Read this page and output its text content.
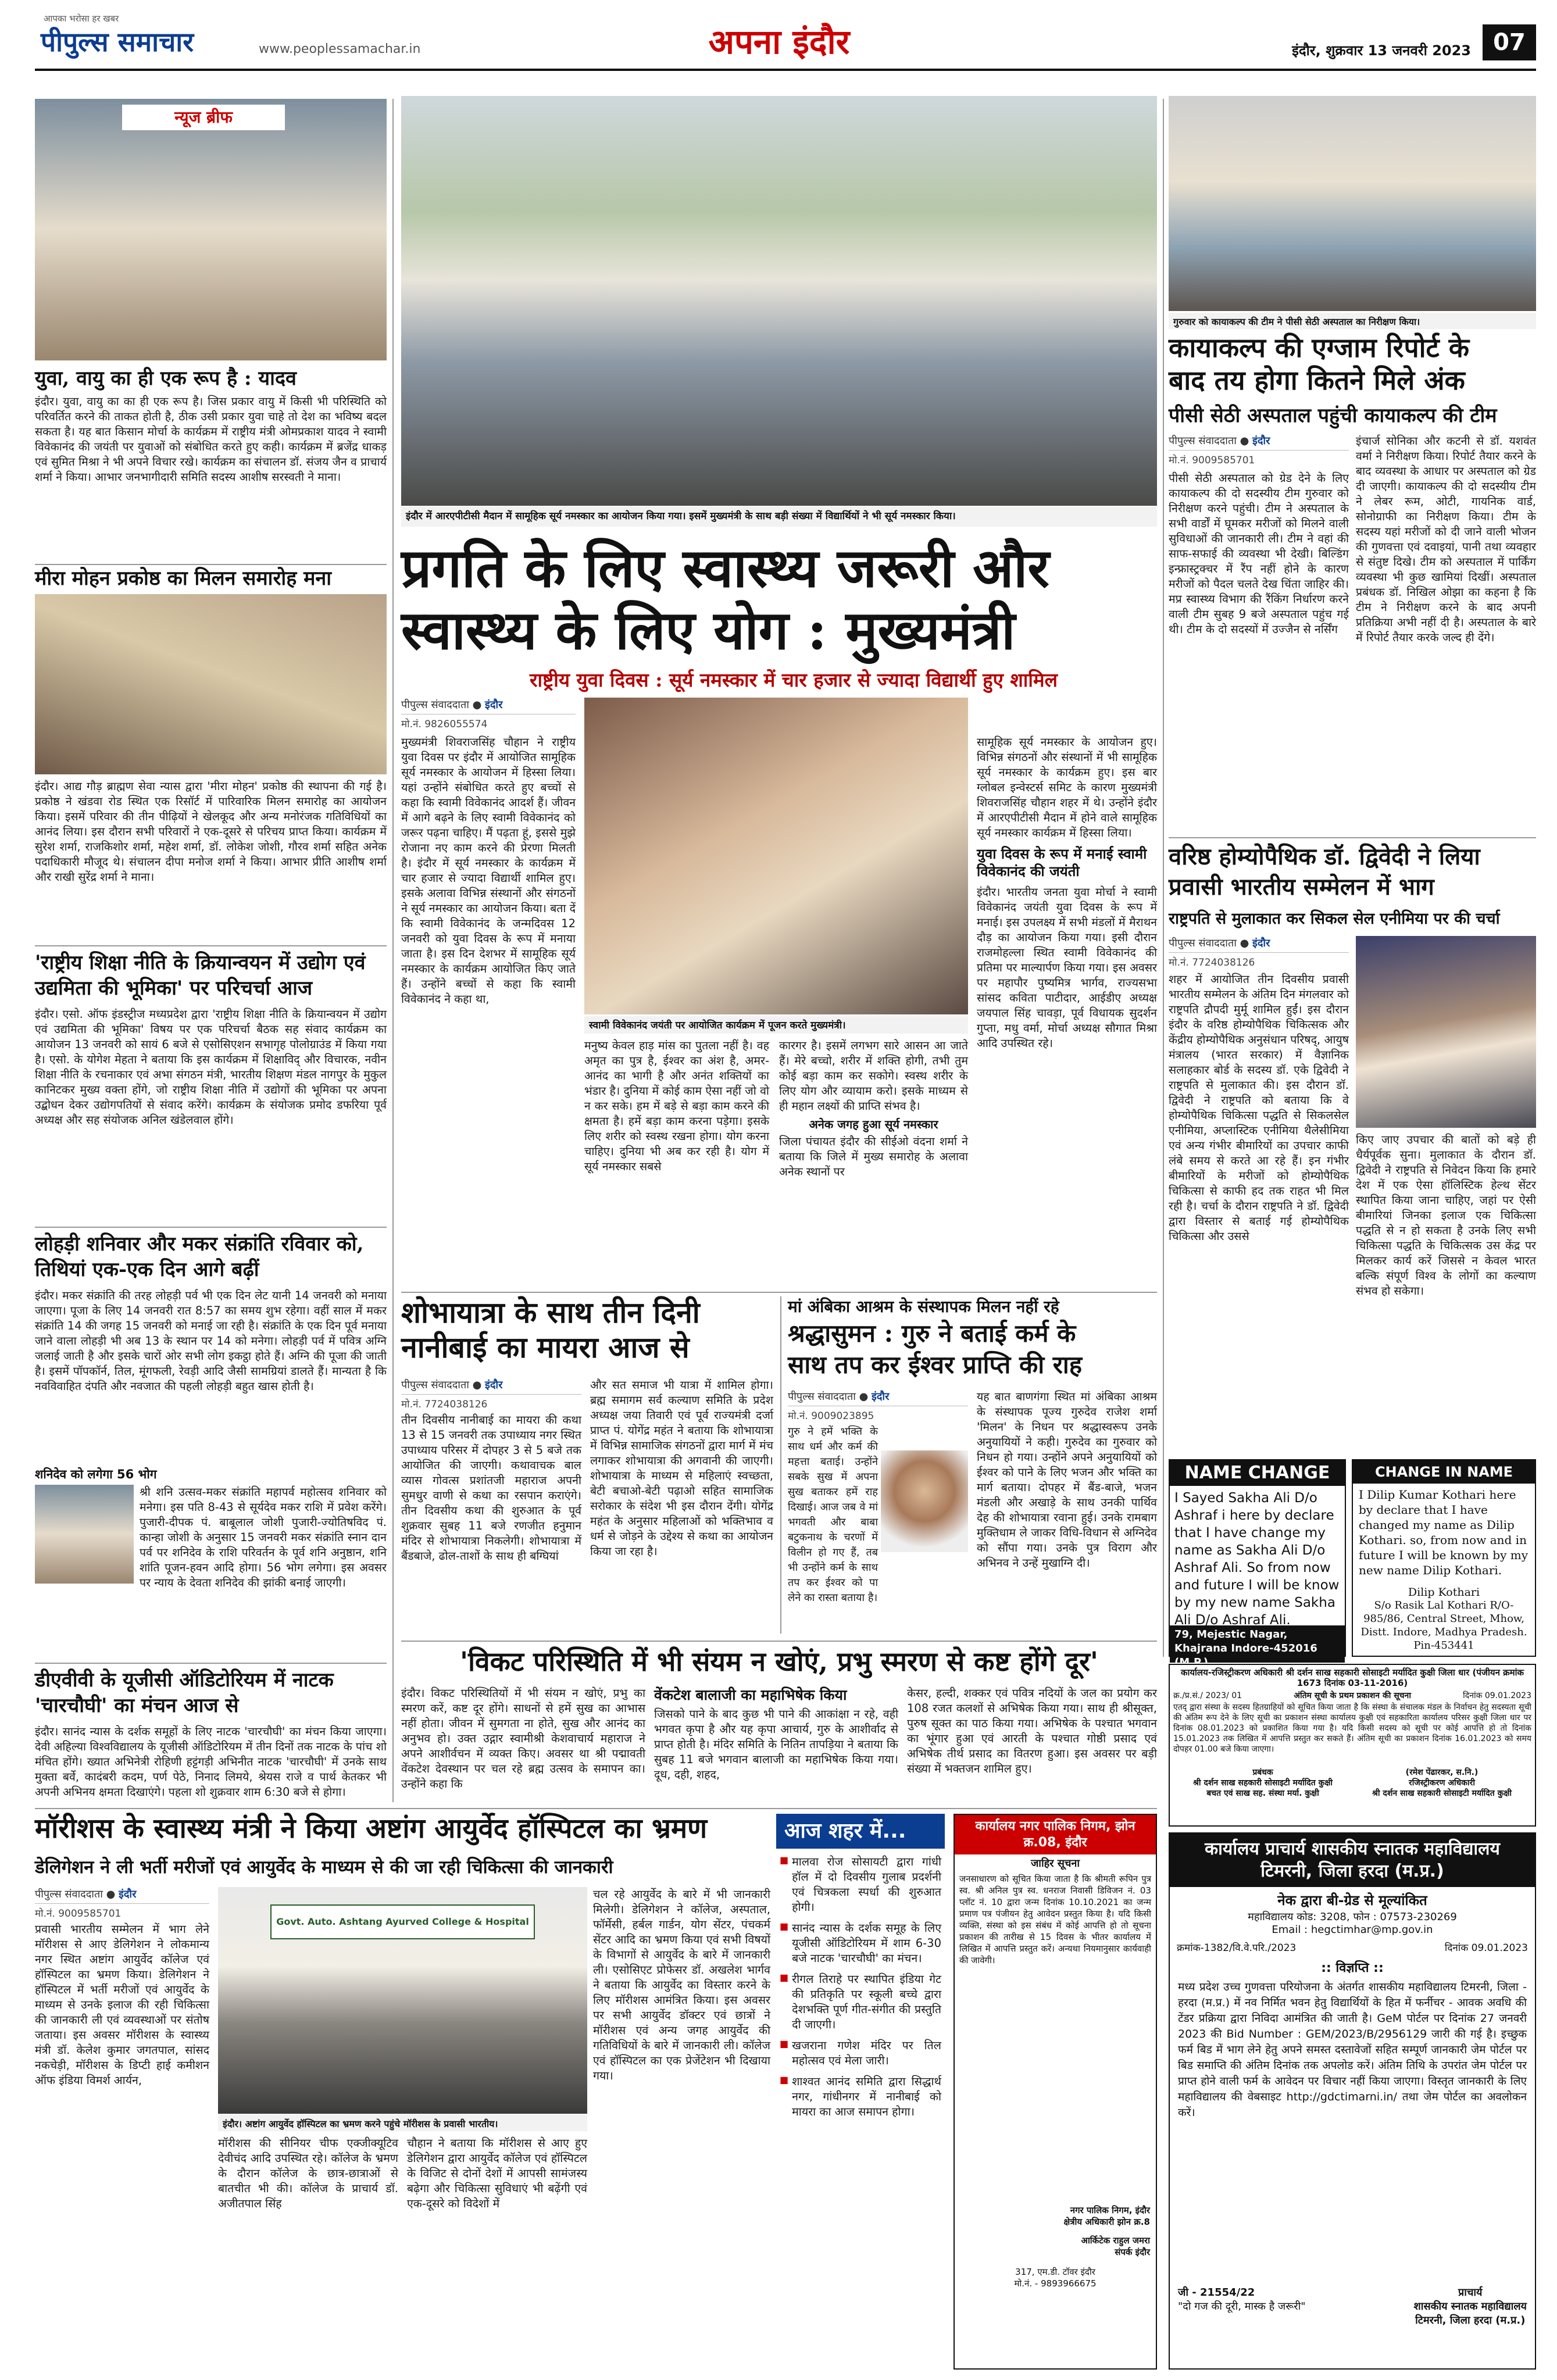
पीपुल्स समाचार
आपका भरोसा हर खबर
www.peoplessamachar.in	अपना इंदौर	इंदौर, शुक्रवार 13 जनवरी 2023 07
न्यूज ब्रीफ
युवा, वायु का ही एक रूप है : यादव
इंदौर। युवा, वायु का का ही एक रूप है। जिस प्रकार वायु में किसी भी परिस्थिति को परिवर्तित करने की ताकत होती है, ठीक उसी प्रकार युवा चाहे तो देश का भविष्य बदल सकता है। यह बात किसान मोर्चा के कार्यक्रम में राष्ट्रीय मंत्री ओमप्रकाश यादव ने स्वामी विवेकानंद की जयंती पर युवाओं को संबोधित करते हुए कही। कार्यक्रम में ब्रजेंद्र धाकड़ एवं सुमित मिश्रा ने भी अपने विचार रखे। कार्यक्रम का संचालन डॉ. संजय जैन व प्राचार्य शर्मा ने किया। आभार जनभागीदारी समिति सदस्य आशीष सरस्वती ने माना।
मीरा मोहन प्रकोष्ठ का मिलन समारोह मना
इंदौर। आद्य गौड़ ब्राह्मण सेवा न्यास द्वारा 'मीरा मोहन' प्रकोष्ठ की स्थापना की गई है। प्रकोष्ठ ने खंडवा रोड स्थित एक रिसॉर्ट में पारिवारिक मिलन समारोह का आयोजन किया। इसमें परिवार की तीन पीढ़ियों ने खेलकूद और अन्य मनोरंजक गतिविधियों का आनंद लिया। इस दौरान सभी परिवारों ने एक-दूसरे से परिचय प्राप्त किया। कार्यक्रम में सुरेश शर्मा, राजकिशोर शर्मा, महेश शर्मा, डॉ. लोकेश जोशी, गौरव शर्मा सहित अनेक पदाधिकारी मौजूद थे। संचालन दीपा मनोज शर्मा ने किया। आभार प्रीति आशीष शर्मा और राखी सुरेंद्र शर्मा ने माना।
'राष्ट्रीय शिक्षा नीति के क्रियान्वयन में उद्योग एवं उद्यमिता की भूमिका' पर परिचर्चा आज
इंदौर। एसो. ऑफ इंडस्ट्रीज मध्यप्रदेश द्वारा 'राष्ट्रीय शिक्षा नीति के क्रियान्वयन में उद्योग एवं उद्यमिता की भूमिका' विषय पर एक परिचर्चा बैठक सह संवाद कार्यक्रम का आयोजन 13 जनवरी को सायं 6 बजे से एसोसिएशन सभागृह पोलोग्राउंड में किया गया है। एसो. के योगेश मेहता ने बताया कि इस कार्यक्रम में शिक्षाविद् और विचारक, नवीन शिक्षा नीति के रचनाकार एवं अभा संगठन मंत्री, भारतीय शिक्षण मंडल नागपुर के मुकुल कानिटकर मुख्य वक्ता होंगे, जो राष्ट्रीय शिक्षा नीति में उद्योगों की भूमिका पर अपना उद्बोधन देकर उद्योगपतियों से संवाद करेंगे। कार्यक्रम के संयोजक प्रमोद डफरिया पूर्व अध्यक्ष और सह संयोजक अनिल खंडेलवाल होंगे।
लोहड़ी शनिवार और मकर संक्रांति रविवार को, तिथियां एक-एक दिन आगे बढ़ीं
इंदौर। मकर संक्रांति की तरह लोहड़ी पर्व भी एक दिन लेट यानी 14 जनवरी को मनाया जाएगा। पूजा के लिए 14 जनवरी रात 8:57 का समय शुभ रहेगा। वहीं साल में मकर संक्रांति 14 की जगह 15 जनवरी को मनाई जा रही है। संक्रांति के एक दिन पूर्व मनाया जाने वाला लोहड़ी भी अब 13 के स्थान पर 14 को मनेगा। लोहड़ी पर्व में पवित्र अग्नि जलाई जाती है और इसके चारों ओर सभी लोग इकट्ठा होते हैं। अग्नि की पूजा की जाती है। इसमें पॉपकॉर्न, तिल, मूंगफली, रेवड़ी आदि जैसी सामग्रियां डालते हैं। मान्यता है कि नवविवाहित दंपति और नवजात की पहली लोहड़ी बहुत खास होती है।
शनिदेव को लगेगा 56 भोग
श्री शनि उत्सव-मकर संक्रांति महापर्व महोत्सव शनिवार को मनेगा। इस पति 8-43 से सूर्यदेव मकर राशि में प्रवेश करेंगे। पुजारी-दीपक पं. बाबूलाल जोशी पुजारी-ज्योतिषविद पं. कान्हा जोशी के अनुसार 15 जनवरी मकर संक्रांति स्नान दान पर्व पर शनिदेव के राशि परिवर्तन के पूर्व शनि अनुष्ठान, शनि शांति पूजन-हवन आदि होगा। 56 भोग लगेगा। इस अवसर पर न्याय के देवता शनिदेव की झांकी बनाई जाएगी।
डीएवीवी के यूजीसी ऑडिटोरियम में नाटक 'चारचौघी' का मंचन आज से
इंदौर। सानंद न्यास के दर्शक समूहों के लिए नाटक 'चारचौघी' का मंचन किया जाएगा। देवी अहिल्या विश्वविद्यालय के यूजीसी ऑडिटोरियम में तीन दिनों तक नाटक के पांच शो मंचित होंगे। ख्यात अभिनेत्री रोहिणी हट्टंगड़ी अभिनीत नाटक 'चारचौघी' में उनके साथ मुक्ता बर्वे, कादंबरी कदम, पर्ण पेठे, निनाद लिमये, श्रेयस राजे व पार्थ केतकर भी अपनी अभिनय क्षमता दिखाएंगे। पहला शो शुक्रवार शाम 6:30 बजे से होगा।
इंदौर में आरएपीटीसी मैदान में सामूहिक सूर्य नमस्कार का आयोजन किया गया। इसमें मुख्यमंत्री के साथ बड़ी संख्या में विद्यार्थियों ने भी सूर्य नमस्कार किया।
प्रगति के लिए स्वास्थ्य जरूरी और
स्वास्थ्य के लिए योग : मुख्यमंत्री
राष्ट्रीय युवा दिवस : सूर्य नमस्कार में चार हजार से ज्यादा विद्यार्थी हुए शामिल
पीपुल्स संवाददाता ● इंदौर
मो.नं. 9826055574
मुख्यमंत्री शिवराजसिंह चौहान ने राष्ट्रीय युवा दिवस पर इंदौर में आयोजित सामूहिक सूर्य नमस्कार के आयोजन में हिस्सा लिया। यहां उन्होंने संबोधित करते हुए बच्चों से कहा कि स्वामी विवेकानंद आदर्श हैं। जीवन में आगे बढ़ने के लिए स्वामी विवेकानंद को जरूर पढ़ना चाहिए। मैं पढ़ता हूं, इससे मुझे रोजाना नए काम करने की प्रेरणा मिलती है। इंदौर में सूर्य नमस्कार के कार्यक्रम में चार हजार से ज्यादा विद्यार्थी शामिल हुए। इसके अलावा विभिन्न संस्थानों और संगठनों ने सूर्य नमस्कार का आयोजन किया। बता दें कि स्वामी विवेकानंद के जन्मदिवस 12 जनवरी को युवा दिवस के रूप में मनाया जाता है। इस दिन देशभर में सामूहिक सूर्य नमस्कार के कार्यक्रम आयोजित किए जाते हैं। उन्होंने बच्चों से कहा कि स्वामी विवेकानंद ने कहा था,
स्वामी विवेकानंद जयंती पर आयोजित कार्यक्रम में पूजन करते मुख्यमंत्री।
मनुष्य केवल हाड़ मांस का पुतला नहीं है। वह अमृत का पुत्र है, ईश्वर का अंश है, अमर-आनंद का भागी है और अनंत शक्तियों का भंडार है। दुनिया में कोई काम ऐसा नहीं जो वो न कर सके। हम में बड़े से बड़ा काम करने की क्षमता है। हमें बड़ा काम करना पड़ेगा। इसके लिए शरीर को स्वस्थ रखना होगा। योग करना चाहिए। दुनिया भी अब कर रही है। योग में सूर्य नमस्कार सबसे
कारगर है। इसमें लगभग सारे आसन आ जाते हैं। मेरे बच्चो, शरीर में शक्ति होगी, तभी तुम कोई बड़ा काम कर सकोगे। स्वस्थ शरीर के लिए योग और व्यायाम करो। इसके माध्यम से ही महान लक्ष्यों की प्राप्ति संभव है।
अनेक जगह हुआ सूर्य नमस्कार
जिला पंचायत इंदौर की सीईओ वंदना शर्मा ने बताया कि जिले में मुख्य समारोह के अलावा अनेक स्थानों पर
सामूहिक सूर्य नमस्कार के आयोजन हुए। विभिन्न संगठनों और संस्थानों में भी सामूहिक सूर्य नमस्कार के कार्यक्रम हुए। इस बार ग्लोबल इन्वेस्टर्स समिट के कारण मुख्यमंत्री शिवराजसिंह चौहान शहर में थे। उन्होंने इंदौर में आरएपीटीसी मैदान में होने वाले सामूहिक सूर्य नमस्कार कार्यक्रम में हिस्सा लिया।
युवा दिवस के रूप में मनाई स्वामी विवेकानंद की जयंती
इंदौर। भारतीय जनता युवा मोर्चा ने स्वामी विवेकानंद जयंती युवा दिवस के रूप में मनाई। इस उपलक्ष्य में सभी मंडलों में मैराथन दौड़ का आयोजन किया गया। इसी दौरान राजमोहल्ला स्थित स्वामी विवेकानंद की प्रतिमा पर माल्यार्पण किया गया। इस अवसर पर महापौर पुष्यमित्र भार्गव, राज्यसभा सांसद कविता पाटीदार, आईडीए अध्यक्ष जयपाल सिंह चावड़ा, पूर्व विधायक सुदर्शन गुप्ता, मधु वर्मा, मोर्चा अध्यक्ष सौगात मिश्रा आदि उपस्थित रहे।
गुरुवार को कायाकल्प की टीम ने पीसी सेठी अस्पताल का निरीक्षण किया।
कायाकल्प की एग्जाम रिपोर्ट के
बाद तय होगा कितने मिले अंक
पीसी सेठी अस्पताल पहुंची कायाकल्प की टीम
पीपुल्स संवाददाता ● इंदौर
मो.नं. 9009585701
पीसी सेठी अस्पताल को ग्रेड देने के लिए कायाकल्प की दो सदस्यीय टीम गुरुवार को निरीक्षण करने पहुंची। टीम ने अस्पताल के सभी वार्डों में घूमकर मरीजों को मिलने वाली सुविधाओं की जानकारी ली। टीम ने वहां की साफ-सफाई की व्यवस्था भी देखी। बिल्डिंग इन्फ्रास्ट्रक्चर में रैंप नहीं होने के कारण मरीजों को पैदल चलते देख चिंता जाहिर की। मप्र स्वास्थ्य विभाग की रैंकिंग निर्धारण करने वाली टीम सुबह 9 बजे अस्पताल पहुंच गई थी। टीम के दो सदस्यों में उज्जैन से नर्सिंग
इंचार्ज सोनिका और कटनी से डॉ. यशवंत वर्मा ने निरीक्षण किया। रिपोर्ट तैयार करने के बाद व्यवस्था के आधार पर अस्पताल को ग्रेड दी जाएगी। कायाकल्प की दो सदस्यीय टीम ने लेबर रूम, ओटी, गायनिक वार्ड, सोनोग्राफी का निरीक्षण किया। टीम के सदस्य यहां मरीजों को दी जाने वाली भोजन की गुणवत्ता एवं दवाइयां, पानी तथा व्यवहार से संतुष्ट दिखे। टीम को अस्पताल में पार्किंग व्यवस्था भी कुछ खामियां दिखीं। अस्पताल प्रबंधक डॉ. निखिल ओझा का कहना है कि टीम ने निरीक्षण करने के बाद अपनी प्रतिक्रिया अभी नहीं दी है। अस्पताल के बारे में रिपोर्ट तैयार करके जल्द ही देंगे।
वरिष्ठ होम्योपैथिक डॉ. द्विवेदी ने लिया
प्रवासी भारतीय सम्मेलन में भाग
राष्ट्रपति से मुलाकात कर सिकल सेल एनीमिया पर की चर्चा
पीपुल्स संवाददाता ● इंदौर
मो.नं. 7724038126
शहर में आयोजित तीन दिवसीय प्रवासी भारतीय सम्मेलन के अंतिम दिन मंगलवार को राष्ट्रपति द्रौपदी मुर्मू शामिल हुईं। इस दौरान इंदौर के वरिष्ठ होम्योपैथिक चिकित्सक और केंद्रीय होम्योपैथिक अनुसंधान परिषद्, आयुष मंत्रालय (भारत सरकार) में वैज्ञानिक सलाहकार बोर्ड के सदस्य डॉ. एके द्विवेदी ने राष्ट्रपति से मुलाकात की। इस दौरान डॉ. द्विवेदी ने राष्ट्रपति को बताया कि वे होम्योपैथिक चिकित्सा पद्धति से सिकलसेल एनीमिया, अप्लास्टिक एनीमिया थैलेसीमिया एवं अन्य गंभीर बीमारियों का उपचार काफी लंबे समय से करते आ रहे हैं। इन गंभीर बीमारियों के मरीजों को होम्योपैथिक चिकित्सा से काफी हद तक राहत भी मिल रही है। चर्चा के दौरान राष्ट्रपति ने डॉ. द्विवेदी द्वारा विस्तार से बताई गई होम्योपैथिक चिकित्सा और उससे
किए जाए उपचार की बातों को बड़े ही धैर्यपूर्वक सुना। मुलाकात के दौरान डॉ. द्विवेदी ने राष्ट्रपति से निवेदन किया कि हमारे देश में एक ऐसा हॉलिस्टिक हेल्थ सेंटर स्थापित किया जाना चाहिए, जहां पर ऐसी बीमारियां जिनका इलाज एक चिकित्सा पद्धति से न हो सकता है उनके लिए सभी चिकित्सा पद्धति के चिकित्सक उस केंद्र पर मिलकर कार्य करें जिससे न केवल भारत बल्कि संपूर्ण विश्व के लोगों का कल्याण संभव हो सकेगा।
NAME CHANGE
I Sayed Sakha Ali D/o Ashraf i here by declare that I have change my name as Sakha Ali D/o Ashraf Ali. So from now and future I will be know by my new name Sakha Ali D/o Ashraf Ali.
79, Mejestic Nagar, Khajrana Indore-452016 (M.P.)
CHANGE IN NAME
I Dilip Kumar Kothari here by declare that I have changed my name as Dilip Kothari. so, from now and in future I will be known by my new name Dilip Kothari.
Dilip Kothari
S/o Rasik Lal Kothari R/O-985/86, Central Street, Mhow, Distt. Indore, Madhya Pradesh. Pin-453441
शोभायात्रा के साथ तीन दिनी
नानीबाई का मायरा आज से
पीपुल्स संवाददाता ● इंदौर
मो.नं. 7724038126
तीन दिवसीय नानीबाई का मायरा की कथा 13 से 15 जनवरी तक उपाध्याय नगर स्थित उपाध्याय परिसर में दोपहर 3 से 5 बजे तक आयोजित की जाएगी। कथावाचक बाल व्यास गोवत्स प्रशांतजी महाराज अपनी सुमधुर वाणी से कथा का रसपान कराएंगे। तीन दिवसीय कथा की शुरुआत के पूर्व शुक्रवार सुबह 11 बजे रणजीत हनुमान मंदिर से शोभायात्रा निकलेगी। शोभायात्रा में बैंडबाजे, ढोल-ताशों के साथ ही बग्घियां
और सत समाज भी यात्रा में शामिल होगा। ब्रह्म समागम सर्व कल्याण समिति के प्रदेश अध्यक्ष जया तिवारी एवं पूर्व राज्यमंत्री दर्जा प्राप्त पं. योगेंद्र महंत ने बताया कि शोभायात्रा में विभिन्न सामाजिक संगठनों द्वारा मार्ग में मंच लगाकर शोभायात्रा की अगवानी की जाएगी। शोभायात्रा के माध्यम से महिलाएं स्वच्छता, बेटी बचाओ-बेटी पढ़ाओ सहित सामाजिक सरोकार के संदेश भी इस दौरान देंगी। योगेंद्र महंत के अनुसार महिलाओं को भक्तिभाव व धर्म से जोड़ने के उद्देश्य से कथा का आयोजन किया जा रहा है।
मां अंबिका आश्रम के संस्थापक मिलन नहीं रहे
श्रद्धासुमन : गुरु ने बताई कर्म के
साथ तप कर ईश्वर प्राप्ति की राह
पीपुल्स संवाददाता ● इंदौर
मो.नं. 9009023895
गुरु ने हमें भक्ति के साथ धर्म और कर्म की महत्ता बताई। उन्होंने सबके सुख में अपना सुख बताकर हमें राह दिखाई। आज जब वे मां भगवती और बाबा बटुकनाथ के चरणों में विलीन हो गए हैं, तब भी उन्होंने कर्म के साथ तप कर ईश्वर को पा लेने का रास्ता बताया है।
यह बात बाणगंगा स्थित मां अंबिका आश्रम के संस्थापक पूज्य गुरुदेव राजेश शर्मा 'मिलन' के निधन पर श्रद्धास्वरूप उनके अनुयायियों ने कही। गुरुदेव का गुरुवार को निधन हो गया। उन्होंने अपने अनुयायियों को ईश्वर को पाने के लिए भजन और भक्ति का मार्ग बताया। दोपहर में बैंड-बाजे, भजन मंडली और अखाड़े के साथ उनकी पार्थिव देह की शोभायात्रा रवाना हुई। उनके रामबाग मुक्तिधाम ले जाकर विधि-विधान से अग्निदेव को सौंपा गया। उनके पुत्र विराग और अभिनव ने उन्हें मुखाग्नि दी।
कार्यालय-रजिस्ट्रीकरण अधिकारी श्री दर्शन साख सहकारी सोसाइटी मर्यादित कुक्षी जिला धार (पंजीयन क्रमांक 1673 दिनांक 03-11-2016)
क्र./प्र.सं./ 2023/ 01	अंतिम सूची के प्रथम प्रकाशन की सूचना	दिनांक 09.01.2023
एतद् द्वारा संस्था के सदस्य हितग्राहियों को सूचित किया जाता है कि संस्था के संचालक मंडल के निर्वाचन हेतु सदस्यता सूची की अंतिम रूप देने के लिए सूची का प्रकाशन संस्था कार्यालय कुक्षी एवं सहकारिता कार्यालय परिसर कुक्षी जिला धार पर दिनांक 08.01.2023 को प्रकाशित किया गया है। यदि किसी सदस्य को सूची पर कोई आपत्ति हो तो दिनांक 15.01.2023 तक लिखित में आपत्ति प्रस्तुत कर सकते हैं। अंतिम सूची का प्रकाशन दिनांक 16.01.2023 को समय दोपहर 01.00 बजे किया जाएगा।
प्रबंधक
श्री दर्शन साख सहकारी सोसाइटी मर्यादित कुक्षी
बचत एवं साख सह. संस्था मर्या. कुक्षी
(रमेश पेंढारकर, स.नि.)
रजिस्ट्रीकरण अधिकारी
श्री दर्शन साख सहकारी सोसाइटी मर्यादित कुक्षी
'विकट परिस्थिति में भी संयम न खोएं, प्रभु स्मरण से कष्ट होंगे दूर'
इंदौर। विकट परिस्थितियों में भी संयम न खोएं, प्रभु का स्मरण करें, कष्ट दूर होंगे। साधनों से हमें सुख का आभास नहीं होता। जीवन में सुमगता ना होते, सुख और आनंद का अनुभव हो। उक्त उद्गार स्वामीश्री केशवाचार्य महाराज ने अपने आशीर्वचन में व्यक्त किए। अवसर था श्री पद्मावती वेंकटेश देवस्थान पर चल रहे ब्रह्म उत्सव के समापन का। उन्होंने कहा कि
वेंकटेश बालाजी का महाभिषेक किया
जिसको पाने के बाद कुछ भी पाने की आकांक्षा न रहे, वही भगवत कृपा है और यह कृपा आचार्य, गुरु के आशीर्वाद से प्राप्त होती है। मंदिर समिति के नितिन तापड़िया ने बताया कि सुबह 11 बजे भगवान बालाजी का महाभिषेक किया गया। दूध, दही, शहद,
केसर, हल्दी, शक्कर एवं पवित्र नदियों के जल का प्रयोग कर 108 रजत कलशों से अभिषेक किया गया। साथ ही श्रीसूक्त, पुरुष सूक्त का पाठ किया गया। अभिषेक के पश्चात भगवान का भूंगार हुआ एवं आरती के पश्चात गोष्ठी प्रसाद एवं अभिषेक तीर्थ प्रसाद का वितरण हुआ। इस अवसर पर बड़ी संख्या में भक्तजन शामिल हुए।
मॉरीशस के स्वास्थ्य मंत्री ने किया अष्टांग आयुर्वेद हॉस्पिटल का भ्रमण
डेलिगेशन ने ली भर्ती मरीजों एवं आयुर्वेद के माध्यम से की जा रही चिकित्सा की जानकारी
पीपुल्स संवाददाता ● इंदौर
मो.नं. 9009585701
प्रवासी भारतीय सम्मेलन में भाग लेने मॉरीशस से आए डेलिगेशन ने लोकमान्य नगर स्थित अष्टांग आयुर्वेद कॉलेज एवं हॉस्पिटल का भ्रमण किया। डेलिगेशन ने हॉस्पिटल में भर्ती मरीजों एवं आयुर्वेद के माध्यम से उनके इलाज की रही चिकित्सा की जानकारी ली एवं व्यवस्थाओं पर संतोष जताया। इस अवसर मॉरीशस के स्वास्थ्य मंत्री डॉ. केलेश कुमार जगतपाल, सांसद नकचेड़ी, मॉरीशस के डिप्टी हाई कमीशन ऑफ इंडिया विमर्श आर्यन,
Govt. Auto. Ashtang Ayurved College & Hospital
इंदौर। अष्टांग आयुर्वेद हॉस्पिटल का भ्रमण करने पहुंचे मॉरीशस के प्रवासी भारतीय।
मॉरीशस की सीनियर चीफ एक्जीक्यूटिव देवीचंद आदि उपस्थित रहे। कॉलेज के भ्रमण के दौरान कॉलेज के छात्र-छात्राओं से बातचीत भी की। कॉलेज के प्राचार्य डॉ. अजीतपाल सिंह
चौहान ने बताया कि मॉरीशस से आए हुए डेलिगेशन द्वारा आयुर्वेद कॉलेज एवं हॉस्पिटल के विजिट से दोनों देशों में आपसी सामंजस्य बढ़ेगा और चिकित्सा सुविधाएं भी बढ़ेंगी एवं एक-दूसरे को विदेशों में
चल रहे आयुर्वेद के बारे में भी जानकारी मिलेगी। डेलिगेशन ने कॉलेज, अस्पताल, फॉर्मेसी, हर्बल गार्डन, योग सेंटर, पंचकर्म सेंटर आदि का भ्रमण किया एवं सभी विषयों के विभागों से आयुर्वेद के बारे में जानकारी ली। एसोसिएट प्रोफेसर डॉ. अखलेश भार्गव ने बताया कि आयुर्वेद का विस्तार करने के लिए मॉरीशस आमंत्रित किया। इस अवसर पर सभी आयुर्वेद डॉक्टर एवं छात्रों ने मॉरीशस एवं अन्य जगह आयुर्वेद की गतिविधियों के बारे में जानकारी ली। कॉलेज एवं हॉस्पिटल का एक प्रेजेंटेशन भी दिखाया गया।
आज शहर में...
■ मालवा रोज सोसायटी द्वारा गांधी हॉल में दो दिवसीय गुलाब प्रदर्शनी एवं चित्रकला स्पर्धा की शुरुआत होगी।
■ सानंद न्यास के दर्शक समूह के लिए यूजीसी ऑडिटोरियम में शाम 6-30 बजे नाटक 'चारचौघी' का मंचन।
■ रीगल तिराहे पर स्थापित इंडिया गेट की प्रतिकृति पर स्कूली बच्चे द्वारा देशभक्ति पूर्ण गीत-संगीत की प्रस्तुति दी जाएगी।
■ खजराना गणेश मंदिर पर तिल महोत्सव एवं मेला जारी।
■ शाश्वत आनंद समिति द्वारा सिद्धार्थ नगर, गांधीनगर में नानीबाई को मायरा का आज समापन होगा।
कार्यालय नगर पालिक निगम, झोन क्र.08, इंदौर
जाहिर सूचना
जनसाधारण को सूचित किया जाता है कि श्रीमती रूपिन पुत्र स्व. श्री अनिल पुत्र स्व. धनराज निवासी डिविजन नं. 03 प्लॉट नं. 10 द्वारा जन्म दिनांक 10.10.2021 का जन्म प्रमाण पत्र पंजीयन हेतु आवेदन प्रस्तुत किया है। यदि किसी व्यक्ति, संस्था को इस संबंध में कोई आपत्ति हो तो सूचना प्रकाशन की तारीख से 15 दिवस के भीतर कार्यालय में लिखित में आपत्ति प्रस्तुत करें। अन्यथा नियमानुसार कार्यवाही की जावेगी।
नगर पालिक निगम, इंदौर
क्षेत्रीय अधिकारी झोन क्र.8
आर्किटेक राहुल जमरा
संपर्क इंदौर
317, एम.डी. टॉवर इंदौर
मो.नं. - 9893966675
कार्यालय प्राचार्य शासकीय स्नातक महाविद्यालय
टिमरनी, जिला हरदा (म.प्र.)
नेक द्वारा बी-ग्रेड से मूल्यांकित
महाविद्यालय कोड: 3208, फोन : 07573-230269
Email : hegctimhar@mp.gov.in
क्रमांक-1382/वि.वे.परि./2023	दिनांक 09.01.2023
:: विज्ञप्ति ::
मध्य प्रदेश उच्च गुणवत्ता परियोजना के अंतर्गत शासकीय महाविद्यालय टिमरनी, जिला - हरदा (म.प्र.) में नव निर्मित भवन हेतु विद्यार्थियों के हित में फर्नीचर - आवक अवधि की टेंडर प्रक्रिया द्वारा निविदा आमंत्रित की जाती है। GeM पोर्टल पर दिनांक 27 जनवरी 2023 की Bid Number : GEM/2023/B/2956129 जारी की गई है। इच्छुक फर्म बिड में भाग लेने हेतु अपने समस्त दस्तावेजों सहित सम्पूर्ण जानकारी जेम पोर्टल पर बिड समाप्ति की अंतिम दिनांक तक अपलोड करें। अंतिम तिथि के उपरांत जेम पोर्टल पर प्राप्त होने वाली फर्म के आवेदन पर विचार नहीं किया जाएगा। विस्तृत जानकारी के लिए महाविद्यालय की वेबसाइट http://gdctimarni.in/ तथा जेम पोर्टल का अवलोकन करें।
जी - 21554/22
"दो गज की दूरी, मास्क है जरूरी"
प्राचार्य
शासकीय स्नातक महाविद्यालय
टिमरनी, जिला हरदा (म.प्र.)
